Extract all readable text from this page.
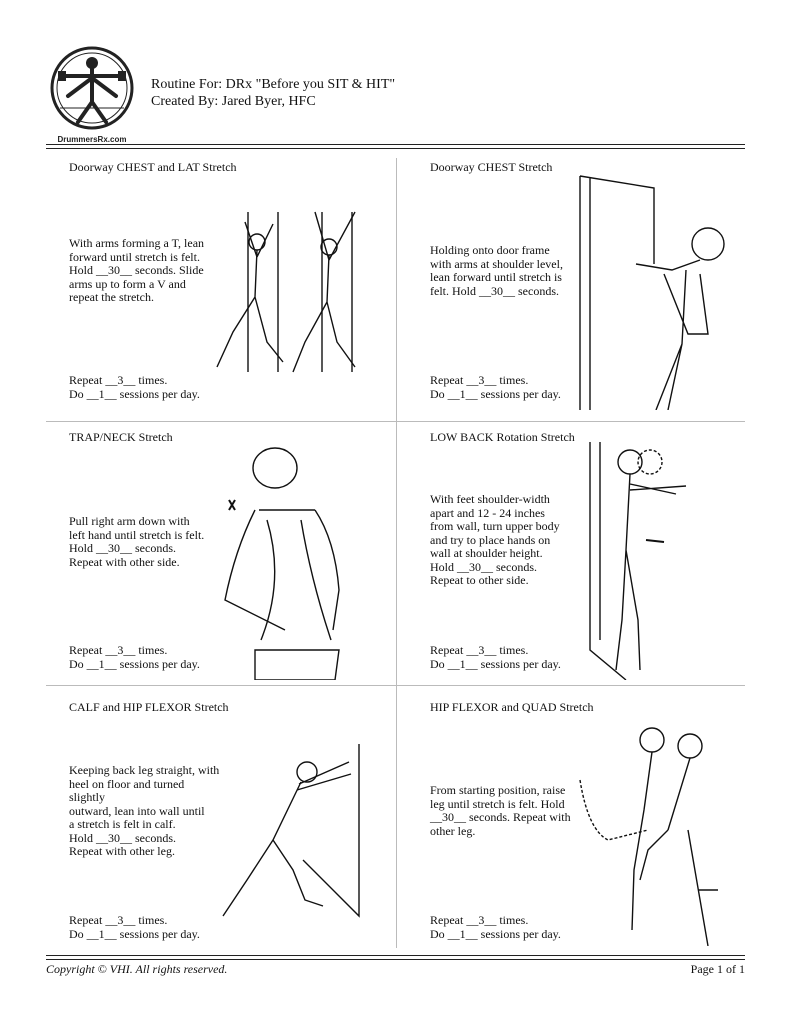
DrummersRx.com
Routine For: DRx "Before you SIT & HIT"
Created By: Jared Byer, HFC
Doorway CHEST and LAT Stretch
With arms forming a T, lean
forward until stretch is felt.
Hold __30__ seconds. Slide
arms up to form a V and
repeat the stretch.
Repeat __3__ times.
Do __1__ sessions per day.
Doorway CHEST Stretch
Holding onto door frame
with arms at shoulder level,
lean forward until stretch is
felt. Hold __30__ seconds.
Repeat __3__ times.
Do __1__ sessions per day.
TRAP/NECK Stretch
Pull right arm down with
left hand until stretch is felt.
Hold __30__ seconds.
Repeat with other side.
Repeat __3__ times.
Do __1__ sessions per day.
LOW BACK Rotation Stretch
With feet shoulder-width
apart and 12 - 24 inches
from wall, turn upper body
and try to place hands on
wall at shoulder height.
Hold __30__ seconds.
Repeat to other side.
Repeat __3__ times.
Do __1__ sessions per day.
CALF and HIP FLEXOR Stretch
Keeping back leg straight, with
heel on floor and turned
slightly
outward, lean into wall until
a stretch is felt in calf.
Hold __30__ seconds.
Repeat with other leg.
Repeat __3__ times.
Do __1__ sessions per day.
HIP FLEXOR and QUAD Stretch
From starting position, raise
leg until stretch is felt. Hold
__30__ seconds. Repeat with
other leg.
Repeat __3__ times.
Do __1__ sessions per day.
Copyright © VHI. All rights reserved.	Page 1 of 1
